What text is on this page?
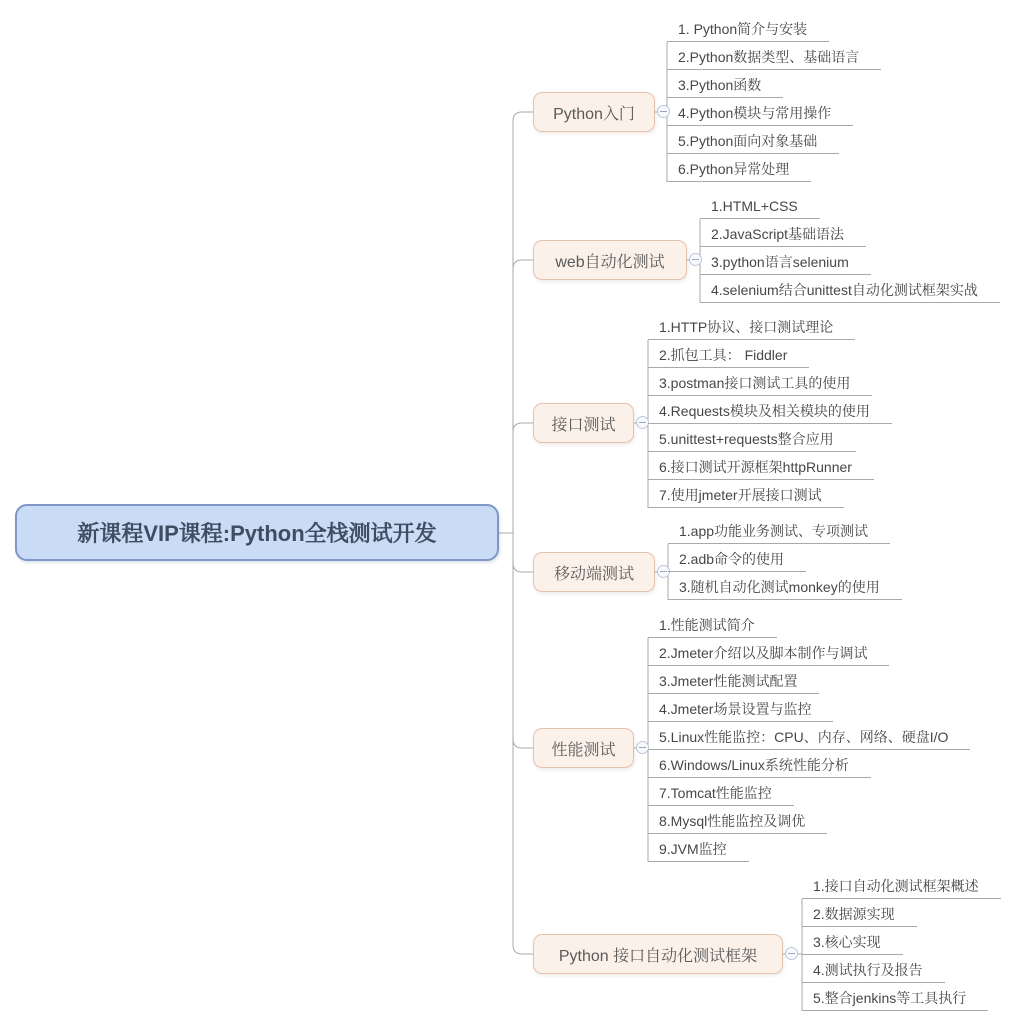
新课程VIP课程:Python全栈测试开发
Python入门
1. Python简介与安装
2.Python数据类型、基础语言
3.Python函数
4.Python模块与常用操作
5.Python面向对象基础
6.Python异常处理
web自动化测试
1.HTML+CSS
2.JavaScript基础语法
3.python语言selenium
4.selenium结合unittest自动化测试框架实战
接口测试
1.HTTP协议、接口测试理论
2.抓包工具： Fiddler
3.postman接口测试工具的使用
4.Requests模块及相关模块的使用
5.unittest+requests整合应用
6.接口测试开源框架httpRunner
7.使用jmeter开展接口测试
移动端测试
1.app功能业务测试、专项测试
2.adb命令的使用
3.随机自动化测试monkey的使用
性能测试
1.性能测试简介
2.Jmeter介绍以及脚本制作与调试
3.Jmeter性能测试配置
4.Jmeter场景设置与监控
5.Linux性能监控：CPU、内存、网络、硬盘I/O
6.Windows/Linux系统性能分析
7.Tomcat性能监控
8.Mysql性能监控及调优
9.JVM监控
Python 接口自动化测试框架
1.接口自动化测试框架概述
2.数据源实现
3.核心实现
4.测试执行及报告
5.整合jenkins等工具执行
